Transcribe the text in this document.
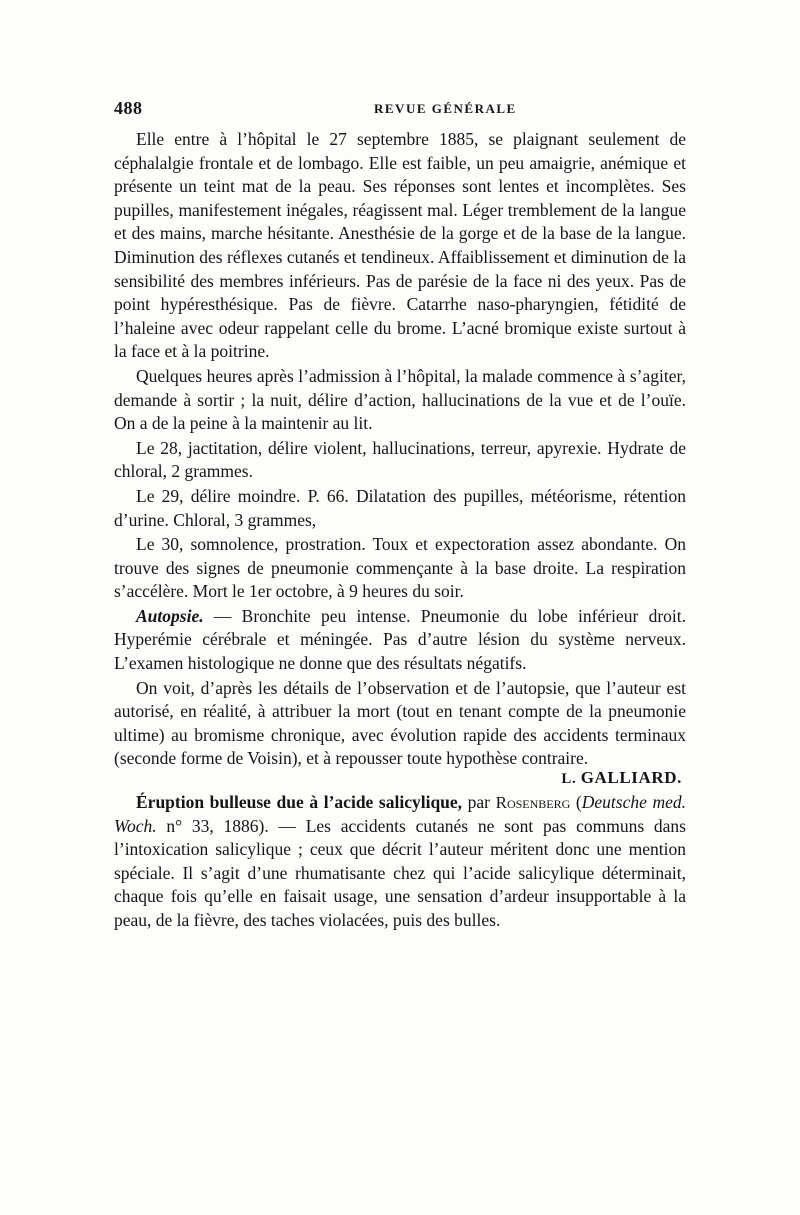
488	REVUE GÉNÉRALE

Elle entre à l’hôpital le 27 septembre 1885, se plaignant seulement de céphalalgie frontale et de lombago. Elle est faible, un peu amaigrie, anémique et présente un teint mat de la peau. Ses réponses sont lentes et incomplètes. Ses pupilles, manifestement inégales, réagissent mal. Léger tremblement de la langue et des mains, marche hésitante. Anesthésie de la gorge et de la base de la langue. Diminution des réflexes cutanés et tendineux. Affaiblissement et diminution de la sensibilité des membres inférieurs. Pas de parésie de la face ni des yeux. Pas de point hypéresthésique. Pas de fièvre. Catarrhe naso-pharyngien, fétidité de l’haleine avec odeur rappelant celle du brome. L’acné bromique existe surtout à la face et à la poitrine.

Quelques heures après l’admission à l’hôpital, la malade commence à s’agiter, demande à sortir ; la nuit, délire d’action, hallucinations de la vue et de l’ouïe. On a de la peine à la maintenir au lit.

Le 28, jactitation, délire violent, hallucinations, terreur, apyrexie. Hydrate de chloral, 2 grammes.

Le 29, délire moindre. P. 66. Dilatation des pupilles, météorisme, rétention d’urine. Chloral, 3 grammes,

Le 30, somnolence, prostration. Toux et expectoration assez abondante. On trouve des signes de pneumonie commençante à la base droite. La respiration s’accélère. Mort le 1er octobre, à 9 heures du soir.

Autopsie. — Bronchite peu intense. Pneumonie du lobe inférieur droit. Hyperémie cérébrale et méningée. Pas d’autre lésion du système nerveux. L’examen histologique ne donne que des résultats négatifs.

On voit, d’après les détails de l’observation et de l’autopsie, que l’auteur est autorisé, en réalité, à attribuer la mort (tout en tenant compte de la pneumonie ultime) au bromisme chronique, avec évolution rapide des accidents terminaux (seconde forme de Voisin), et à repousser toute hypothèse contraire.

L. GALLIARD.

Éruption bulleuse due à l’acide salicylique, par Rosenberg (Deutsche med. Woch. n° 33, 1886). — Les accidents cutanés ne sont pas communs dans l’intoxication salicylique ; ceux que décrit l’auteur méritent donc une mention spéciale. Il s’agit d’une rhumatisante chez qui l’acide salicylique déterminait, chaque fois qu’elle en faisait usage, une sensation d’ardeur insupportable à la peau, de la fièvre, des taches violacées, puis des bulles.
